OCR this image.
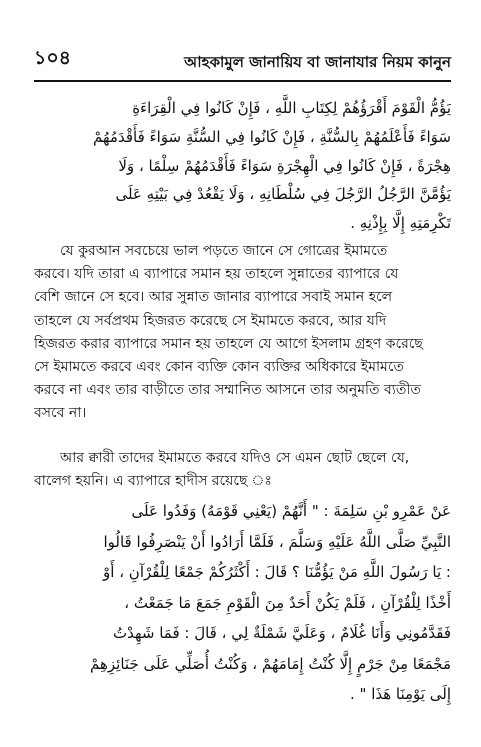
১০৪	আহকামুল জানায়িয বা জানাযার নিয়ম কানুন
يَؤُمُّ الْقَوْمَ أَقْرَؤُهُمْ لِكِتَابِ اللَّهِ ، فَإِنْ كَانُوا فِي الْقِرَاءَةِ
سَوَاءً فَأَعْلَمُهُمْ بِالسُّنَّةِ ، فَإِنْ كَانُوا فِي السُّنَّةِ سَوَاءً فَأَقْدَمُهُمْ
هِجْرَةً ، فَإِنْ كَانُوا فِي الْهِجْرَةِ سَوَاءً فَأَقْدَمُهُمْ سِلْمًا ، وَلَا
يَؤُمَّنَّ الرَّجُلُ الرَّجُلَ فِي سُلْطَانِهِ ، وَلَا يَقْعُدْ فِي بَيْتِهِ عَلَى
تَكْرِمَتِهِ إِلَّا بِإِذْنِهِ .
যে কুরআন সবচেয়ে ভাল পড়তে জানে সে গোত্রের ইমামতে
করবে। যদি তারা এ ব্যাপারে সমান হয় তাহলে সুন্নাতের ব্যাপারে যে
বেশি জানে সে হবে। আর সুন্নাত জানার ব্যাপারে সবাই সমান হলে
তাহলে যে সর্বপ্রথম হিজরত করেছে সে ইমামতে করবে, আর যদি
হিজরত করার ব্যাপারে সমান হয় তাহলে যে আগে ইসলাম গ্রহণ করেছে
সে ইমামতে করবে এবং কোন ব্যক্তি কোন ব্যক্তির অধিকারে ইমামতে
করবে না এবং তার বাড়ীতে তার সম্মানিত আসনে তার অনুমতি ব্যতীত
বসবে না।
আর ক্বারী তাদের ইমামতে করবে যদিও সে এমন ছোট ছেলে যে,
বালেগ হয়নি। এ ব্যাপারে হাদীস রয়েছে ঃ
عَنْ عَمْرِو بْنِ سَلِمَةَ : " أَنَّهُمْ (يَعْنِي قَوْمَهُ) وَفَدُوا عَلَى
النَّبِيِّ صَلَّى اللَّهُ عَلَيْهِ وَسَلَّمَ ، فَلَمَّا أَرَادُوا أَنْ يَنْصَرِفُوا قَالُوا
: يَا رَسُولَ اللَّهِ مَنْ يَؤُمُّنَا ؟ قَالَ : أَكْثَرُكُمْ جَمْعًا لِلْقُرْآنِ ، أَوْ
أَخْذًا لِلْقُرْآنِ ، فَلَمْ يَكُنْ أَحَدٌ مِنَ الْقَوْمِ جَمَعَ مَا جَمَعْتُ ،
فَقَدَّمُونِي وَأَنَا غُلَامٌ ، وَعَلَيَّ شَمْلَةٌ لِي ، قَالَ : فَمَا شَهِدْتُ
مَجْمَعًا مِنْ جَرْمٍ إِلَّا كُنْتُ إِمَامَهُمْ ، وَكُنْتُ أُصَلِّي عَلَى جَنَائِزِهِمْ
إِلَى يَوْمِنَا هَذَا " .
